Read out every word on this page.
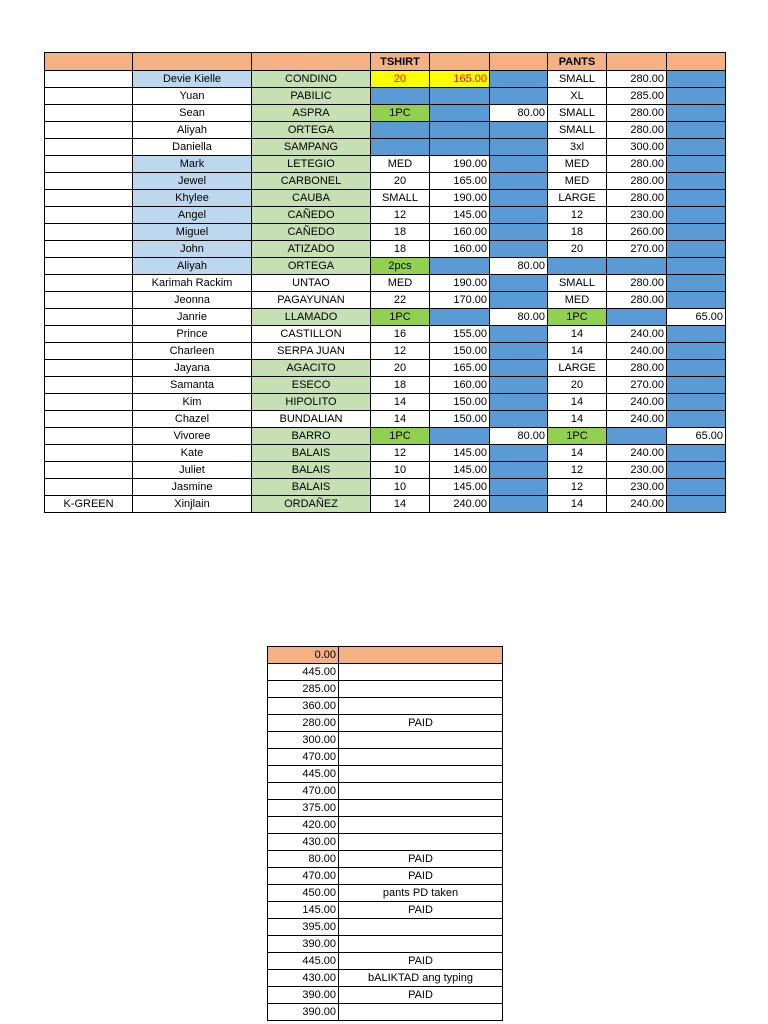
			TSHIRT			PANTS		
	Devie Kielle	CONDINO	20	165.00		SMALL	280.00	
	Yuan	PABILIC				XL	285.00	
	Sean	ASPRA	1PC		80.00	SMALL	280.00	
	Aliyah	ORTEGA				SMALL	280.00	
	Daniella	SAMPANG				3xl	300.00	
	Mark	LETEGIO	MED	190.00		MED	280.00	
	Jewel	CARBONEL	20	165.00		MED	280.00	
	Khylee	CAUBA	SMALL	190.00		LARGE	280.00	
	Angel	CAÑEDO	12	145.00		12	230.00	
	Miguel	CAÑEDO	18	160.00		18	260.00	
	John	ATIZADO	18	160.00		20	270.00	
	Aliyah	ORTEGA	2pcs		80.00			
	Karimah Rackim	UNTAO	MED	190.00		SMALL	280.00	
	Jeonna	PAGAYUNAN	22	170.00		MED	280.00	
	Janrie	LLAMADO	1PC		80.00	1PC		65.00
	Prince	CASTILLON	16	155.00		14	240.00	
	Charleen	SERPA JUAN	12	150.00		14	240.00	
	Jayana	AGACITO	20	165.00		LARGE	280.00	
	Samanta	ESECO	18	160.00		20	270.00	
	Kim	HIPOLITO	14	150.00		14	240.00	
	Chazel	BUNDALIAN	14	150.00		14	240.00	
	Vivoree	BARRO	1PC		80.00	1PC		65.00
	Kate	BALAIS	12	145.00		14	240.00	
	Juliet	BALAIS	10	145.00		12	230.00	
	Jasmine	BALAIS	10	145.00		12	230.00	
K-GREEN	Xinjlain	ORDAÑEZ	14	240.00		14	240.00	
0.00	
445.00	
285.00	
360.00	
280.00	PAID
300.00	
470.00	
445.00	
470.00	
375.00	
420.00	
430.00	
80.00	PAID
470.00	PAID
450.00	pants PD taken
145.00	PAID
395.00	
390.00	
445.00	PAID
430.00	bALIKTAD ang typing
390.00	PAID
390.00	
